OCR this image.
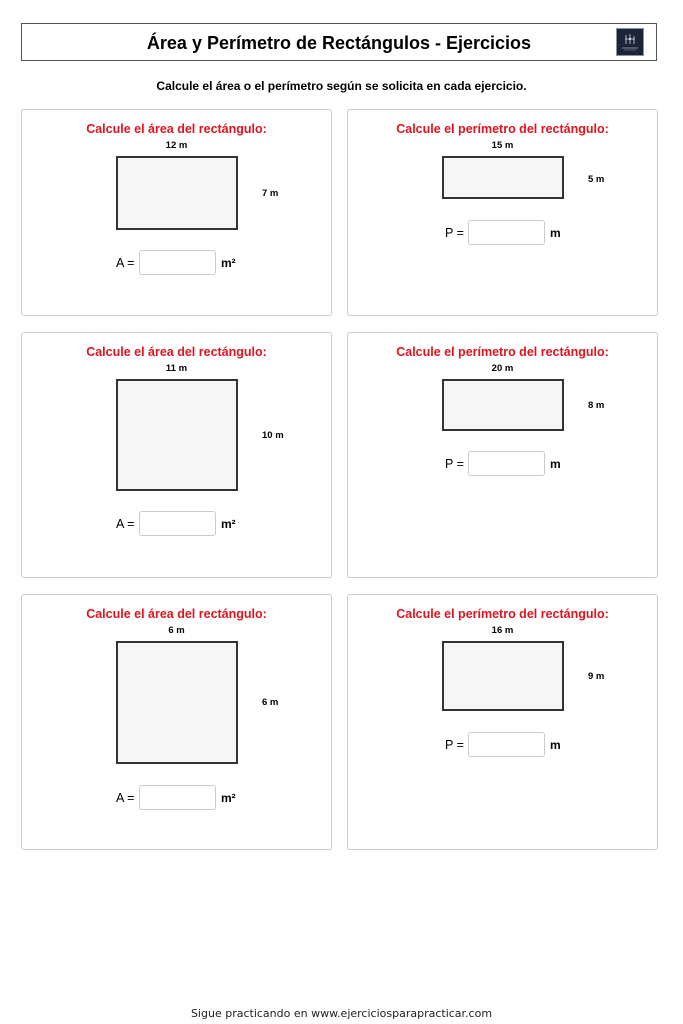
Área y Perímetro de Rectángulos - Ejercicios
Calcule el área o el perímetro según se solicita en cada ejercicio.
Calcule el área del rectángulo:
12 m
7 m
A =	m²
Calcule el perímetro del rectángulo:
15 m
5 m
P =	m
Calcule el área del rectángulo:
11 m
10 m
A =	m²
Calcule el perímetro del rectángulo:
20 m
8 m
P =	m
Calcule el área del rectángulo:
6 m
6 m
A =	m²
Calcule el perímetro del rectángulo:
16 m
9 m
P =	m
Sigue practicando en www.ejerciciosparapracticar.com
